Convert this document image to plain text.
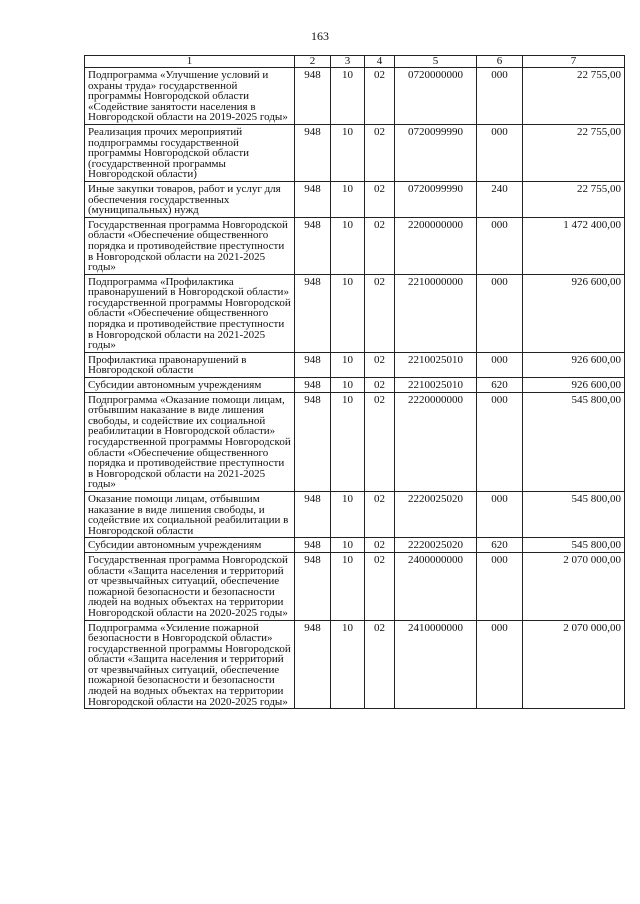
163
1	2	3	4	5	6	7
Подпрограмма «Улучшение условий и охраны труда» государственной программы Новгородской области «Содействие занятости населения в Новгородской области на 2019-2025 годы»	948	10	02	0720000000	000	22 755,00
Реализация прочих мероприятий подпрограммы государственной программы Новгородской области (государственной программы Новгородской области)	948	10	02	0720099990	000	22 755,00
Иные закупки товаров, работ и услуг для обеспечения государственных (муниципальных) нужд	948	10	02	0720099990	240	22 755,00
Государственная программа Новгородской области «Обеспечение общественного порядка и противодействие преступности в Новгородской области на 2021-2025 годы»	948	10	02	2200000000	000	1 472 400,00
Подпрограмма «Профилактика правонарушений в Новгородской области» государственной программы Новгородской области «Обеспечение общественного порядка и противодействие преступности в Новгородской области на 2021-2025 годы»	948	10	02	2210000000	000	926 600,00
Профилактика правонарушений в Новгородской области	948	10	02	2210025010	000	926 600,00
Субсидии автономным учреждениям	948	10	02	2210025010	620	926 600,00
Подпрограмма «Оказание помощи лицам, отбывшим наказание в виде лишения свободы, и содействие их социальной реабилитации в Новгородской области» государственной программы Новгородской области «Обеспечение общественного порядка и противодействие преступности в Новгородской области на 2021-2025 годы»	948	10	02	2220000000	000	545 800,00
Оказание помощи лицам, отбывшим наказание в виде лишения свободы, и содействие их социальной реабилитации в Новгородской области	948	10	02	2220025020	000	545 800,00
Субсидии автономным учреждениям	948	10	02	2220025020	620	545 800,00
Государственная программа Новгородской области «Защита населения и территорий от чрезвычайных ситуаций, обеспечение пожарной безопасности и безопасности людей на водных объектах на территории Новгородской области на 2020-2025 годы»	948	10	02	2400000000	000	2 070 000,00
Подпрограмма «Усиление пожарной безопасности в Новгородской области» государственной программы Новгородской области «Защита населения и территорий от чрезвычайных ситуаций, обеспечение пожарной безопасности и безопасности людей на водных объектах на территории Новгородской области на 2020-2025 годы»	948	10	02	2410000000	000	2 070 000,00
